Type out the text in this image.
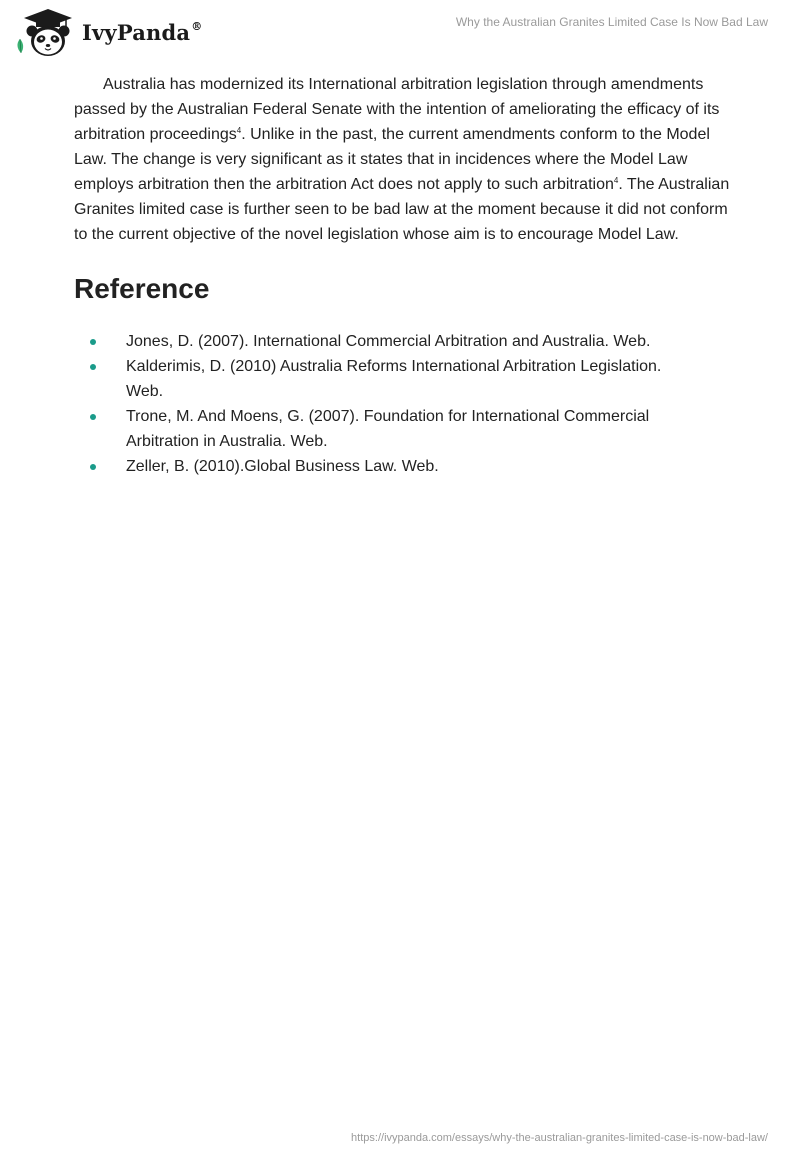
IvyPanda®	Why the Australian Granites Limited Case Is Now Bad Law

Australia has modernized its International arbitration legislation through amendments passed by the Australian Federal Senate with the intention of ameliorating the efficacy of its arbitration proceedings$^4$. Unlike in the past, the current amendments conform to the Model Law. The change is very significant as it states that in incidences where the Model Law employs arbitration then the arbitration Act does not apply to such arbitration$^4$. The Australian Granites limited case is further seen to be bad law at the moment because it did not conform to the current objective of the novel legislation whose aim is to encourage Model Law.

Reference
Jones, D. (2007). International Commercial Arbitration and Australia. Web.
Kalderimis, D. (2010) Australia Reforms International Arbitration Legislation. Web.
Trone, M. And Moens, G. (2007). Foundation for International Commercial Arbitration in Australia. Web.
Zeller, B. (2010).Global Business Law. Web.
https://ivypanda.com/essays/why-the-australian-granites-limited-case-is-now-bad-law/
